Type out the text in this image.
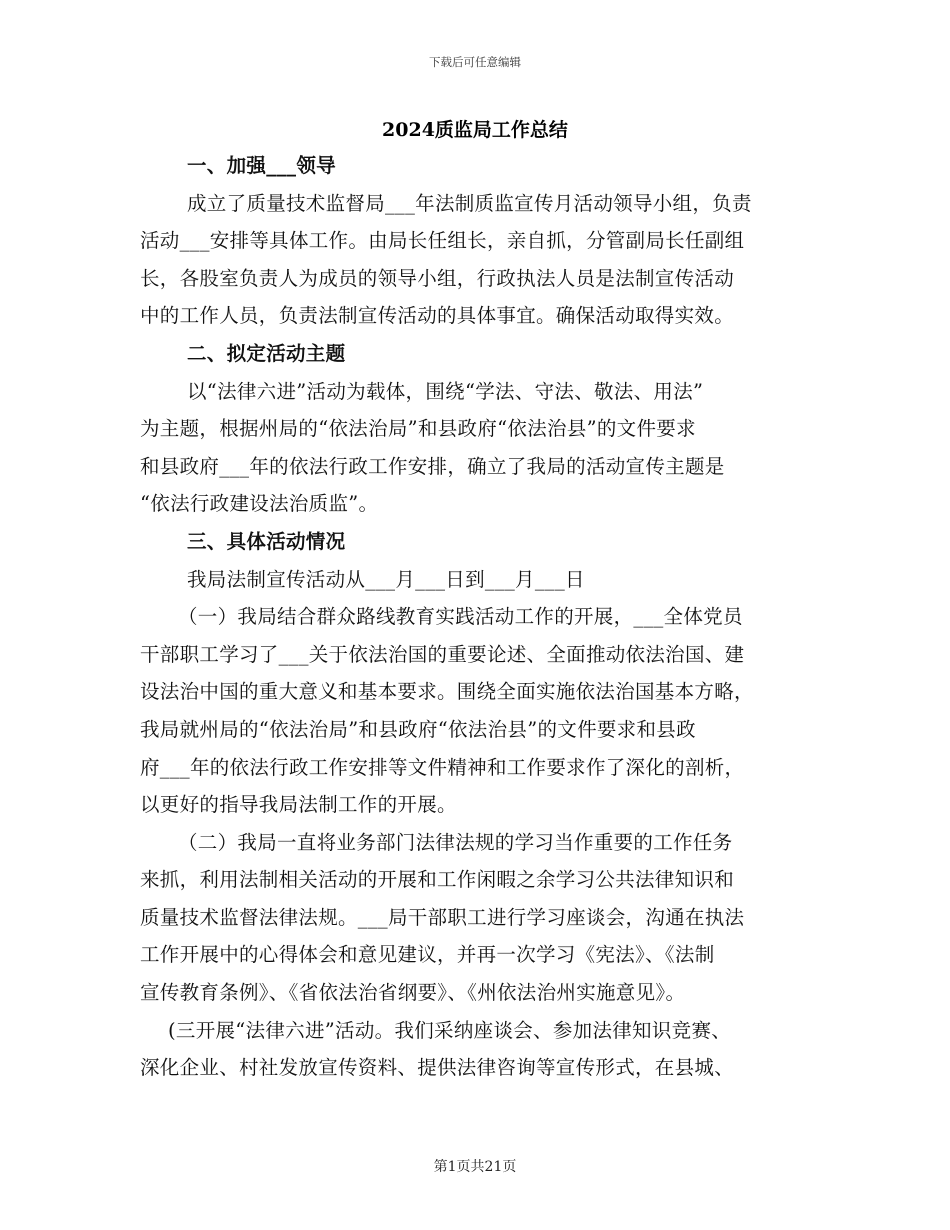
下载后可任意编辑
2024质监局工作总结

一、加强___领导

成立了质量技术监督局___年法制质监宣传月活动领导小组，负责
活动___安排等具体工作。由局长任组长，亲自抓，分管副局长任副组
长，各股室负责人为成员的领导小组，行政执法人员是法制宣传活动
中的工作人员，负责法制宣传活动的具体事宜。确保活动取得实效。

二、拟定活动主题

以“法律六进”活动为载体，围绕“学法、守法、敬法、用法”
为主题，根据州局的“依法治局”和县政府“依法治县”的文件要求
和县政府___年的依法行政工作安排，确立了我局的活动宣传主题是
“依法行政建设法治质监”。

三、具体活动情况

我局法制宣传活动从___月___日到___月___日

（一）我局结合群众路线教育实践活动工作的开展，___全体党员
干部职工学习了___关于依法治国的重要论述、全面推动依法治国、建
设法治中国的重大意义和基本要求。围绕全面实施依法治国基本方略，
我局就州局的“依法治局”和县政府“依法治县”的文件要求和县政
府___年的依法行政工作安排等文件精神和工作要求作了深化的剖析，
以更好的指导我局法制工作的开展。

（二）我局一直将业务部门法律法规的学习当作重要的工作任务
来抓，利用法制相关活动的开展和工作闲暇之余学习公共法律知识和
质量技术监督法律法规。___局干部职工进行学习座谈会，沟通在执法
工作开展中的心得体会和意见建议，并再一次学习《宪法》、《法制
宣传教育条例》、《省依法治省纲要》、《州依法治州实施意见》。

(三开展“法律六进”活动。我们采纳座谈会、参加法律知识竞赛、
深化企业、村社发放宣传资料、提供法律咨询等宣传形式，在县城、

第1页共21页
